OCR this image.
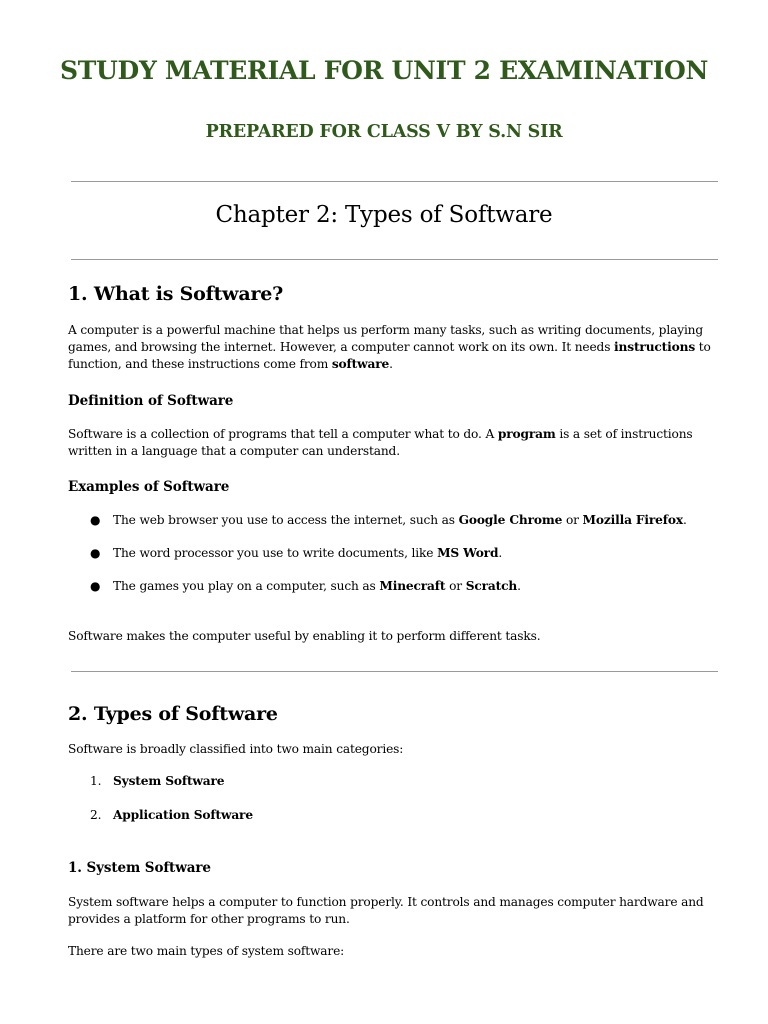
STUDY MATERIAL FOR UNIT 2 EXAMINATION
PREPARED FOR CLASS V BY S.N SIR
Chapter 2: Types of Software
1. What is Software?

A computer is a powerful machine that helps us perform many tasks, such as writing documents, playing games, and browsing the internet. However, a computer cannot work on its own. It needs instructions to function, and these instructions come from software.

Definition of Software

Software is a collection of programs that tell a computer what to do. A program is a set of instructions written in a language that a computer can understand.

Examples of Software
● The web browser you use to access the internet, such as Google Chrome or Mozilla Firefox.
● The word processor you use to write documents, like MS Word.
● The games you play on a computer, such as Minecraft or Scratch.

Software makes the computer useful by enabling it to perform different tasks.

2. Types of Software

Software is broadly classified into two main categories:

1. System Software
2. Application Software
1. System Software

System software helps a computer to function properly. It controls and manages computer hardware and provides a platform for other programs to run.

There are two main types of system software:
